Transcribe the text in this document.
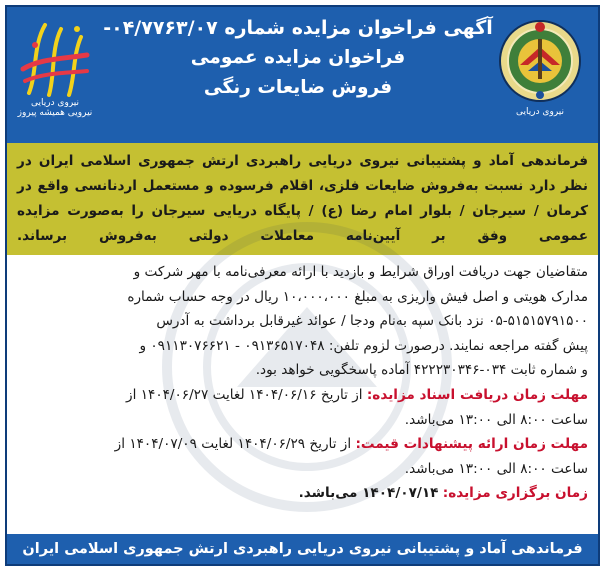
آگهی فراخوان مزایده شماره ۰۴/۷۷۶۳/۰۷-
فراخوان مزایده عمومی
فروش ضایعات رنگی
نیروی دریایی
نیروی دریایی
نیرویی همیشه پیروز
فرماندهی آماد و پشتیبانی نیروی دریایی راهبردی ارتش جمهوری اسلامی ایران در نظر دارد نسبت به‌فروش ضایعات فلزی، اقلام فرسوده و مستعمل اردنانسی واقع در کرمان / سیرجان / بلوار امام رضا (ع) / پایگاه دریایی سیرجان را به‌صورت مزایده عمومی وفق بر آیین‌نامه معاملات دولتی به‌فروش برساند.
متقاضیان جهت دریافت اوراق شرایط و بازدید با ارائه معرفی‌نامه با مهر شرکت و
مدارک هویتی و اصل فیش واریزی به مبلغ ۱۰،۰۰۰،۰۰۰ ریال در وجه حساب شماره
۰۵-۵۱۵۱۵۷۹۱۵۰۰ نزد بانک سپه به‌نام ودجا / عوائد غیرقابل برداشت به آدرس
پیش گفته مراجعه نمایند. درصورت لزوم تلفن: ۰۹۱۳۶۵۱۷۰۴۸ - ۰۹۱۱۳۰۷۶۶۲۱ و
و شماره ثابت ۰۳۴-۴۲۲۲۳۰۳۴۶ آماده پاسخگویی خواهد بود.
مهلت زمان دریافت اسناد مزایده: از تاریخ ۱۴۰۴/۰۶/۱۶ لغایت ۱۴۰۴/۰۶/۲۷ از
ساعت ۸:۰۰ الی ۱۳:۰۰ می‌باشد.
مهلت زمان ارائه پیشنهادات قیمت: از تاریخ ۱۴۰۴/۰۶/۲۹ لغایت ۱۴۰۴/۰۷/۰۹ از
ساعت ۸:۰۰ الی ۱۳:۰۰ می‌باشد.
زمان برگزاری مزایده: ۱۴۰۴/۰۷/۱۴ می‌باشد.
فرماندهی آماد و پشتیبانی نیروی دریایی راهبردی ارتش جمهوری اسلامی ایران
